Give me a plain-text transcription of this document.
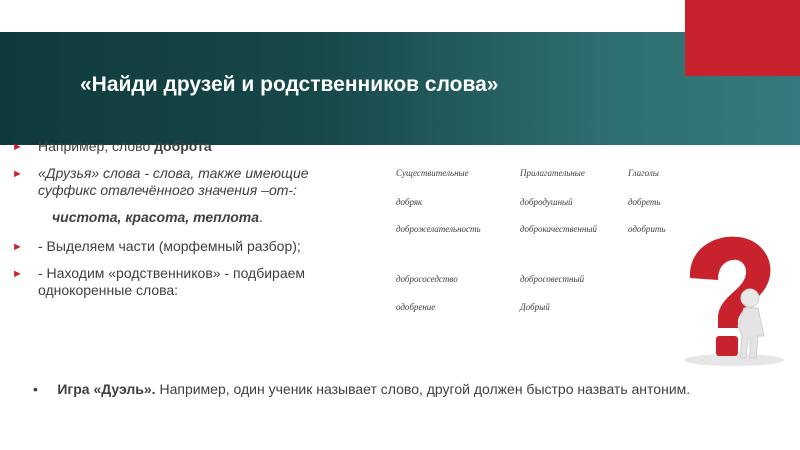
«Найди друзей и родственников слова»
► Например, слово доброта
► «Друзья» слова - слова, также имеющие суффикс отвлечённого значения –от-:
чистота, красота, теплота.
► - Выделяем части (морфемный разбор);
► - Находим «родственников» - подбираем однокоренные слова:
Существительные	Прилагательные	Глаголы
добряк	добродушный	добреть
доброжелательность	доброкачественный	одобрить
добрососедство	добросовестный
одобрение	Добрый

• Игра «Дуэль». Например, один ученик называет слово, другой должен быстро назвать антоним.
